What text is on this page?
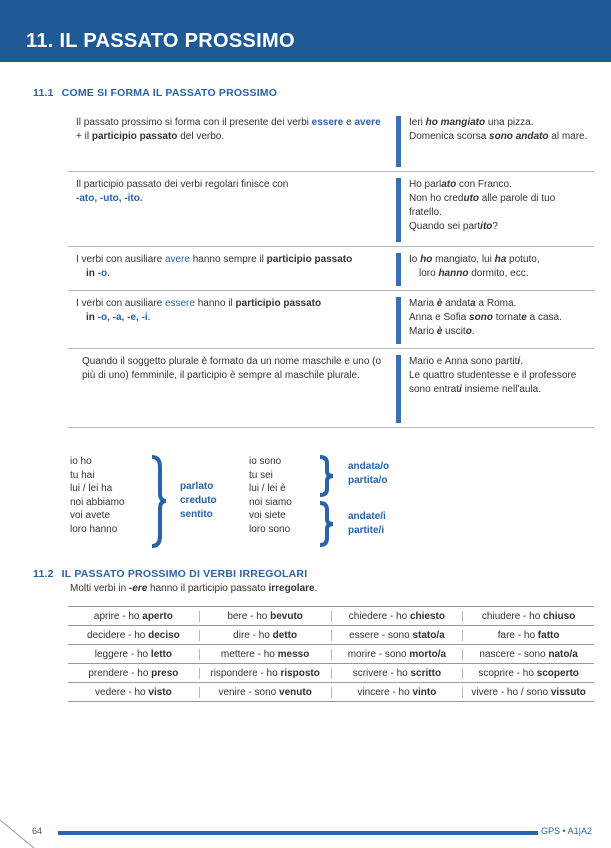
11. IL PASSATO PROSSIMO
11.1 COME SI FORMA IL PASSATO PROSSIMO
Il passato prossimo si forma con il presente dei verbi essere e avere + il participio passato del verbo.
Ieri ho mangiato una pizza.
Domenica scorsa sono andato al mare.
Il participio passato dei verbi regolari finisce con
-ato, -uto, -ito.
Ho parlato con Franco.
Non ho creduto alle parole di tuo fratello.
Quando sei partito?
I verbi con ausiliare avere hanno sempre il participio passato
in -o.
Io ho mangiato, lui ha potuto,
loro hanno dormito, ecc.
I verbi con ausiliare essere hanno il participio passato
in -o, -a, -e, -i.
Maria è andata a Roma.
Anna e Sofia sono tornate a casa.
Mario è uscito.
Quando il soggetto plurale è formato da un nome maschile e uno (o più di uno) femminile, il participio è sempre al maschile plurale.
Mario e Anna sono partiti.
Le quattro studentesse e il professore sono entrati insieme nell'aula.
io ho
tu hai
lui / lei ha
noi abbiamo
voi avete
loro hanno
parlato
creduto
sentito
io sono
tu sei
lui / lei è
noi siamo
voi siete
loro sono
andata/o
partita/o
andate/i
partite/i
11.2 IL PASSATO PROSSIMO DI VERBI IRREGOLARI
Molti verbi in -ere hanno il participio passato irregolare.
aprire - ho aperto	bere - ho bevuto	chiedere - ho chiesto	chiudere - ho chiuso
decidere - ho deciso	dire - ho detto	essere - sono stato/a	fare - ho fatto
leggere - ho letto	mettere - ho messo	morire - sono morto/a	nascere - sono nato/a
prendere - ho preso	rispondere - ho risposto	scrivere - ho scritto	scoprire - ho scoperto
vedere - ho visto	venire - sono venuto	vincere - ho vinto	vivere - ho / sono vissuto
64	GPS • A1|A2
